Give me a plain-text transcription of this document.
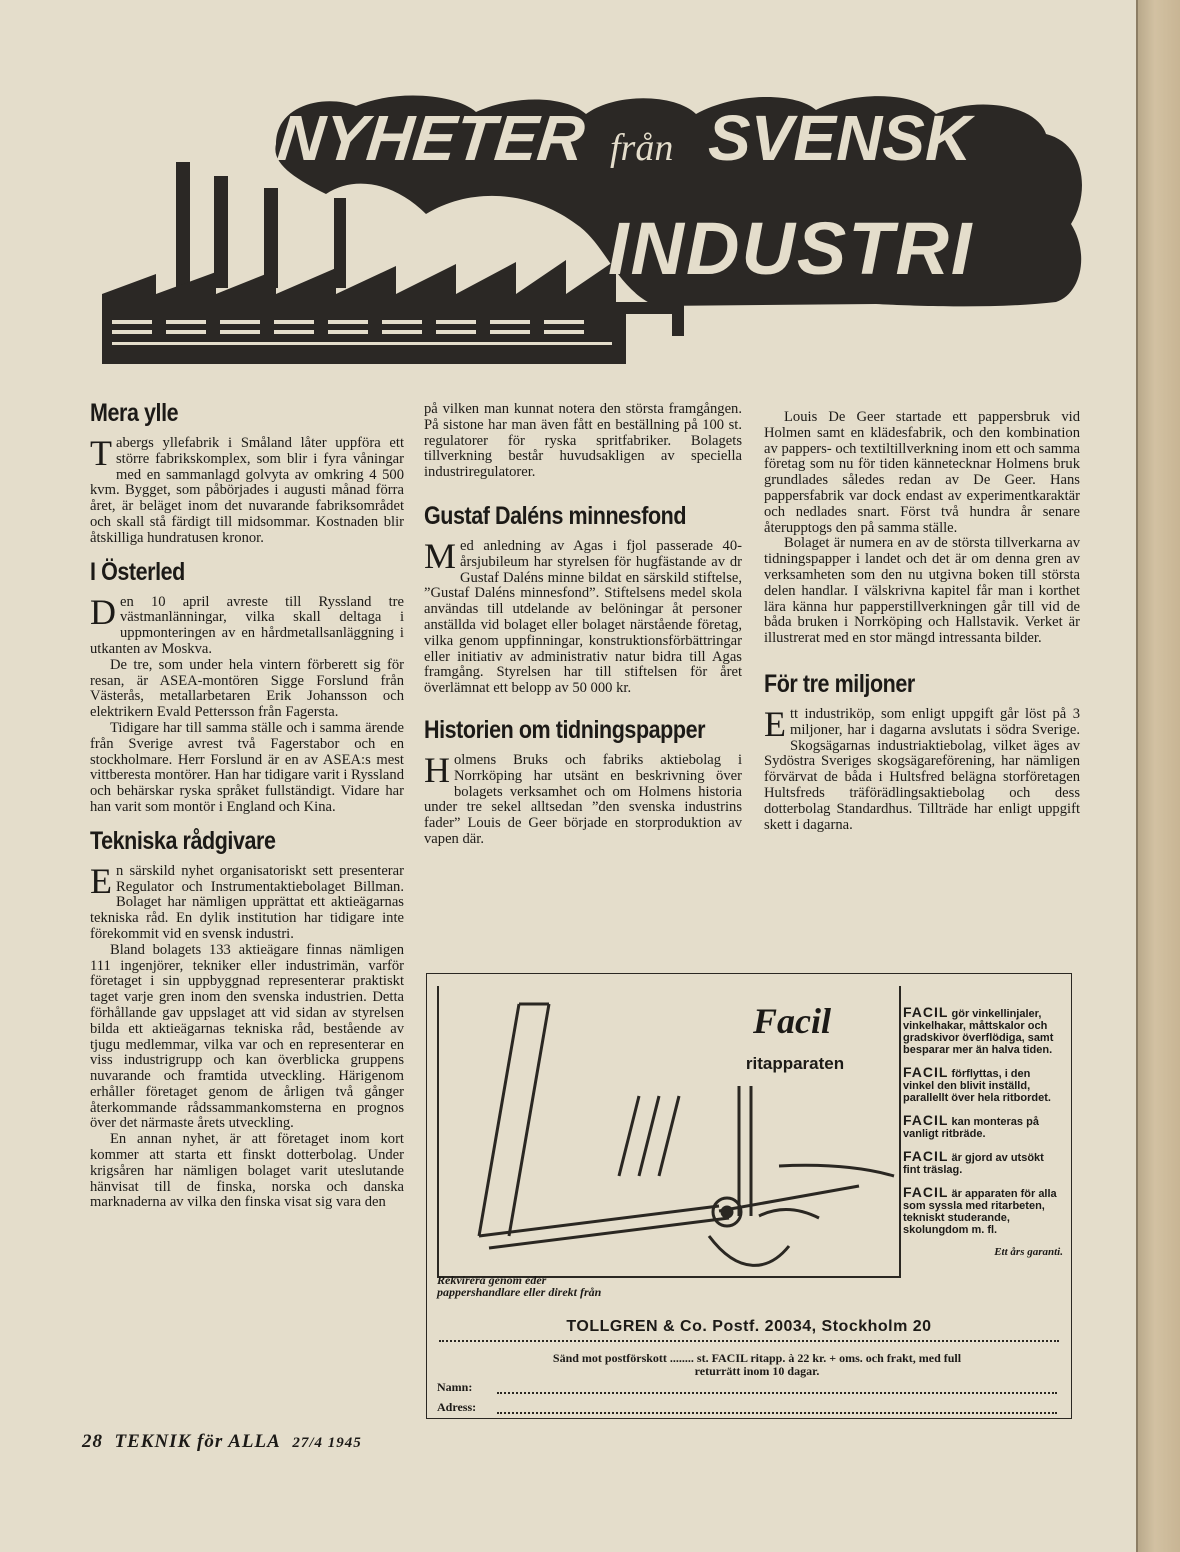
NYHETER från SVENSK
INDUSTRI
Mera ylle

Tabergs yllefabrik i Småland låter uppföra ett större fabrikskomplex, som blir i fyra våningar med en sammanlagd golvyta av omkring 4 500 kvm. Bygget, som påbörjades i augusti månad förra året, är beläget inom det nuvarande fabriksområdet och skall stå färdigt till midsommar. Kostnaden blir åtskilliga hundratusen kronor.

I Österled

Den 10 april avreste till Ryssland tre västmanlänningar, vilka skall deltaga i uppmonteringen av en hårdmetallsanläggning i utkanten av Moskva.

De tre, som under hela vintern förberett sig för resan, är ASEA-montören Sigge Forslund från Västerås, metallarbetaren Erik Johansson och elektrikern Evald Pettersson från Fagersta.

Tidigare har till samma ställe och i samma ärende från Sverige avrest två Fagerstabor och en stockholmare. Herr Forslund är en av ASEA:s mest vittberesta montörer. Han har tidigare varit i Ryssland och behärskar ryska språket fullständigt. Vidare har han varit som montör i England och Kina.

Tekniska rådgivare

En särskild nyhet organisatoriskt sett presenterar Regulator och Instrumentaktiebolaget Billman. Bolaget har nämligen upprättat ett aktieägarnas tekniska råd. En dylik institution har tidigare inte förekommit vid en svensk industri.

Bland bolagets 133 aktieägare finnas nämligen 111 ingenjörer, tekniker eller industrimän, varför företaget i sin uppbyggnad representerar praktiskt taget varje gren inom den svenska industrien. Detta förhållande gav uppslaget att vid sidan av styrelsen bilda ett aktieägarnas tekniska råd, bestående av tjugu medlemmar, vilka var och en representerar en viss industrigrupp och kan överblicka gruppens nuvarande och framtida utveckling. Härigenom erhåller företaget genom de årligen två gånger återkommande rådssammankomsterna en prognos över det närmaste årets utveckling.

En annan nyhet, är att företaget inom kort kommer att starta ett finskt dotterbolag. Under krigsåren har nämligen bolaget varit uteslutande hänvisat till de finska, norska och danska marknaderna av vilka den finska visat sig vara den

på vilken man kunnat notera den största framgången. På sistone har man även fått en beställning på 100 st. regulatorer för ryska spritfabriker. Bolagets tillverkning består huvudsakligen av speciella industriregulatorer.

Gustaf Daléns minnesfond

Med anledning av Agas i fjol passerade 40-årsjubileum har styrelsen för hugfästande av dr Gustaf Daléns minne bildat en särskild stiftelse, ”Gustaf Daléns minnesfond”. Stiftelsens medel skola användas till utdelande av belöningar åt personer anställda vid bolaget eller bolaget närstående företag, vilka genom uppfinningar, konstruktionsförbättringar eller initiativ av administrativ natur bidra till Agas framgång. Styrelsen har till stiftelsen för året överlämnat ett belopp av 50 000 kr.

Historien om tidningspapper

Holmens Bruks och fabriks aktiebolag i Norrköping har utsänt en beskrivning över bolagets verksamhet och om Holmens historia under tre sekel alltsedan ”den svenska industrins fader” Louis de Geer började en storproduktion av vapen där.

Louis De Geer startade ett pappersbruk vid Holmen samt en klädesfabrik, och den kombination av pappers- och textiltillverkning inom ett och samma företag som nu för tiden kännetecknar Holmens bruk grundlades således redan av De Geer. Hans pappersfabrik var dock endast av experimentkaraktär och nedlades snart. Först två hundra år senare återupptogs den på samma ställe.

Bolaget är numera en av de största tillverkarna av tidningspapper i landet och det är om denna gren av verksamheten som den nu utgivna boken till största delen handlar. I välskrivna kapitel får man i korthet lära känna hur papperstillverkningen går till vid de båda bruken i Norrköping och Hallstavik. Verket är illustrerat med en stor mängd intressanta bilder.

För tre miljoner

Ett industriköp, som enligt uppgift går löst på 3 miljoner, har i dagarna avslutats i södra Sverige. Skogsägarnas industriaktiebolag, vilket äges av Sydöstra Sveriges skogsägareförening, har nämligen förvärvat de båda i Hultsfred belägna storföretagen Hultsfreds träförädlingsaktiebolag och dess dotterbolag Standardhus. Tillträde har enligt uppgift skett i dagarna.

Facil
ritapparaten

FACIL gör vinkellinjaler, vinkelhakar, måttskalor och gradskivor överflödiga, samt besparar mer än halva tiden.

FACIL förflyttas, i den vinkel den blivit inställd, parallellt över hela ritbordet.

FACIL kan monteras på vanligt ritbräde.

FACIL är gjord av utsökt fint träslag.

FACIL är apparaten för alla som syssla med ritarbeten, tekniskt studerande, skolungdom m. fl.

Ett års garanti.

Rekvirera genom eder pappershandlare eller direkt från
TOLLGREN & Co. Postf. 20034, Stockholm 20
Sänd mot postförskott ........ st. FACIL ritapp. à 22 kr. + oms. och frakt, med full
returrätt inom 10 dagar.
Namn:
Adress:
28 TEKNIK för ALLA 27/4 1945
